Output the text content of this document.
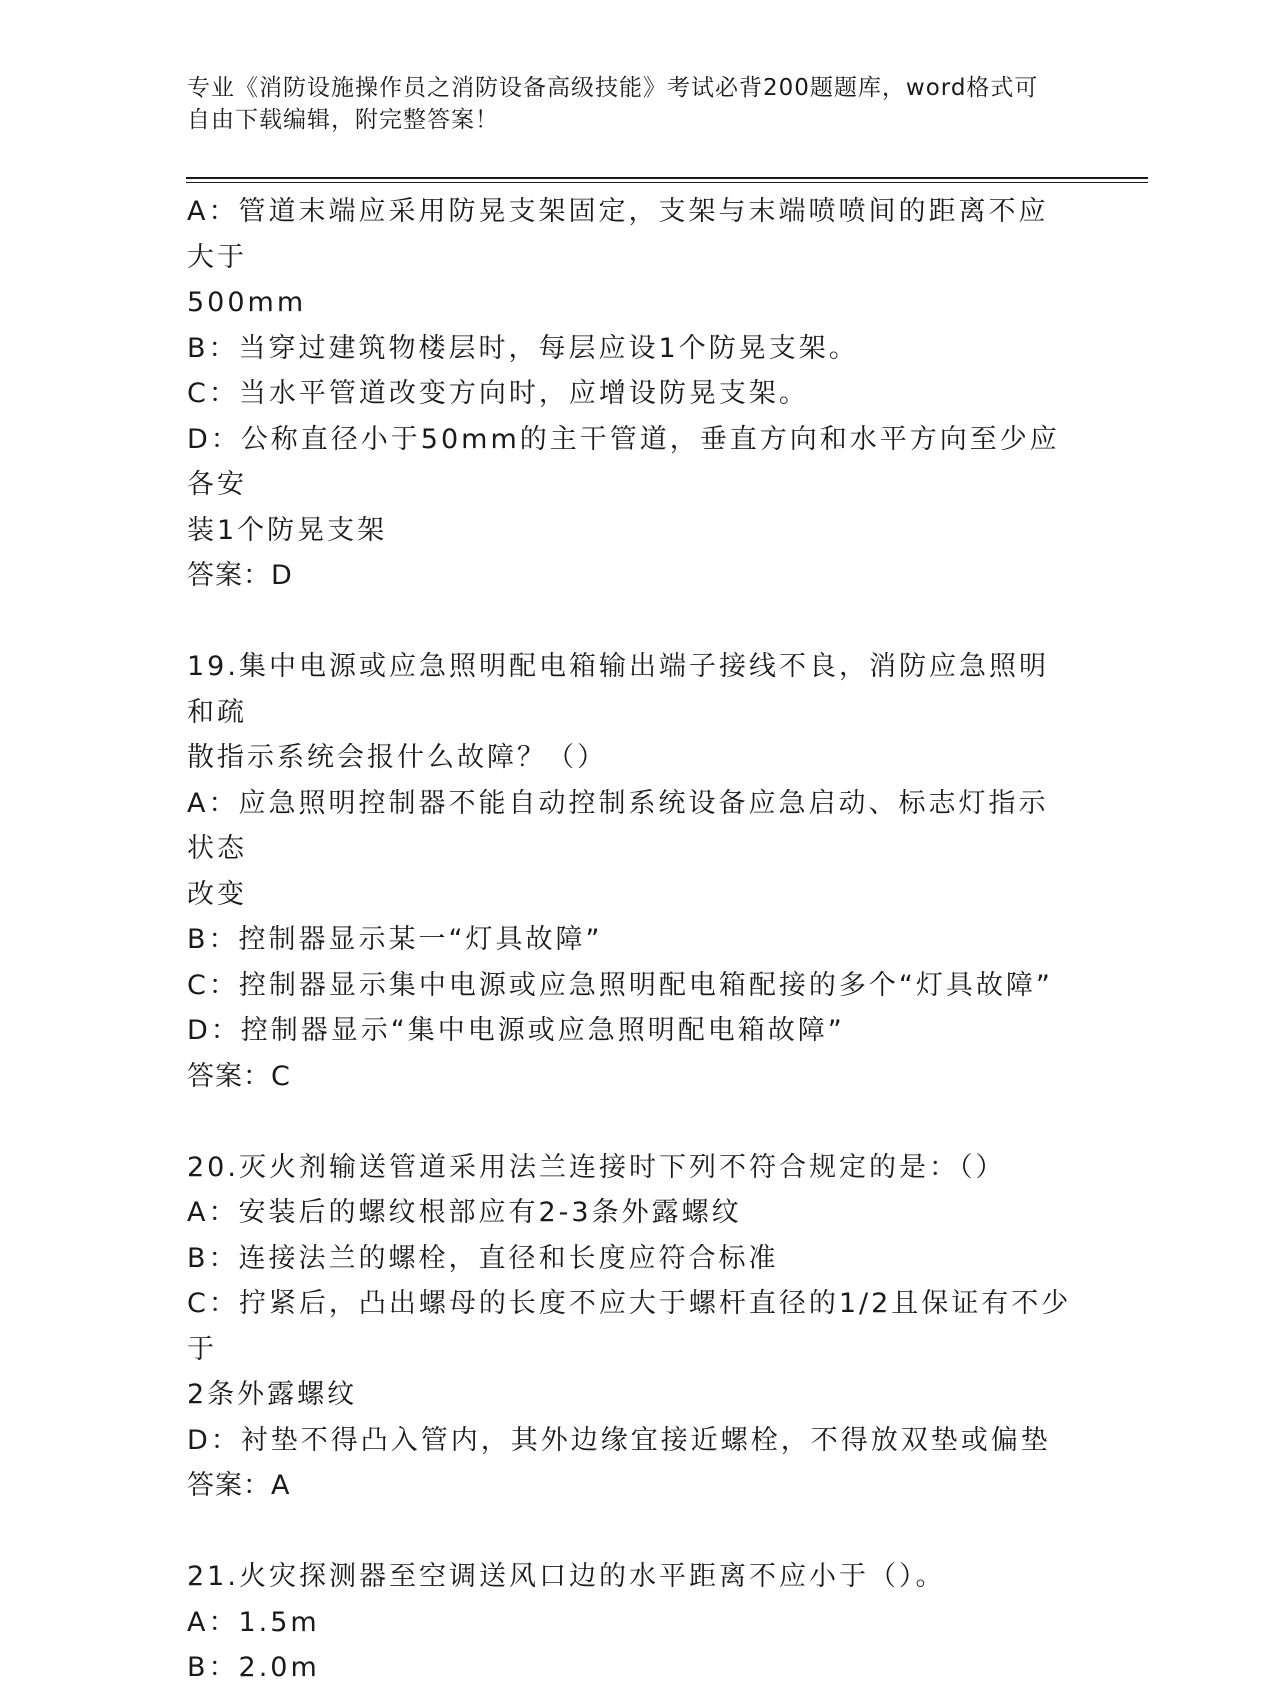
专业《消防设施操作员之消防设备高级技能》考试必背200题题库，word格式可
自由下载编辑，附完整答案！
A：管道末端应采用防晃支架固定，支架与末端喷喷间的距离不应大于
500mm
B：当穿过建筑物楼层时，每层应设1个防晃支架。
C：当水平管道改变方向时，应增设防晃支架。
D：公称直径小于50mm的主干管道，垂直方向和水平方向至少应各安
装1个防晃支架
答案：D
19.集中电源或应急照明配电箱输出端子接线不良，消防应急照明和疏
散指示系统会报什么故障？（）
A：应急照明控制器不能自动控制系统设备应急启动、标志灯指示状态
改变
B：控制器显示某一“灯具故障”
C：控制器显示集中电源或应急照明配电箱配接的多个“灯具故障”
D：控制器显示“集中电源或应急照明配电箱故障”
答案：C
20.灭火剂输送管道采用法兰连接时下列不符合规定的是：（）
A：安装后的螺纹根部应有2-3条外露螺纹
B：连接法兰的螺栓，直径和长度应符合标准
C：拧紧后，凸出螺母的长度不应大于螺杆直径的1/2且保证有不少于
2条外露螺纹
D：衬垫不得凸入管内，其外边缘宜接近螺栓，不得放双垫或偏垫
答案：A
21.火灾探测器至空调送风口边的水平距离不应小于（）。
A：1.5m
B：2.0m
